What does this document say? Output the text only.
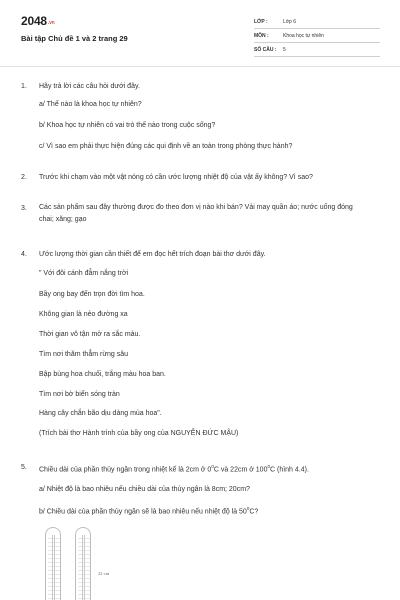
2048.vn
Bài tập Chủ đề 1 và 2 trang 29
LỚP :	Lớp 6
MÔN :	Khoa học tự nhiên
SỐ CÂU : 5
1. Hãy trả lời các câu hỏi dưới đây.
a/ Thế nào là khoa học tự nhiên?
b/ Khoa học tự nhiên có vai trò thế nào trong cuộc sống?
c/ Vì sao em phải thực hiện đúng các qui định về an toàn trong phòng thực hành?
2. Trước khi chạm vào một vật nóng có cần ước lượng nhiệt độ của vật ấy không? Vì sao?
3. Các sản phẩm sau đây thường được đo theo đơn vị nào khi bán? Vải may quần áo; nước uống đóng chai; xăng; gạo
4. Ước lượng thời gian cần thiết để em đọc hết trích đoạn bài thơ dưới đây.
" Với đôi cánh đẫm nắng trời
Bầy ong bay đến trọn đời tìm hoa.
Không gian là nẻo đường xa
Thời gian vô tận mở ra sắc màu.
Tìm nơi thăm thẳm rừng sâu
Bập bùng hoa chuối, trắng màu hoa ban.
Tìm nơi bờ biển sóng tràn
Hàng cây chắn bão dịu dàng mùa hoa".
(Trích bài thơ Hành trình của bầy ong của NGUYỄN ĐỨC MẬU)
5. Chiều dài của phần thủy ngân trong nhiệt kế là 2cm ở $0^0C$ và 22cm ở $100^0C$ (hình 4.4).
a/ Nhiệt độ là bao nhiêu nếu chiều dài của thủy ngân là 8cm; 20cm?
b/ Chiều dài của phần thủy ngân sẽ là bao nhiêu nếu nhiệt độ là $50^0C$?
22 cm
